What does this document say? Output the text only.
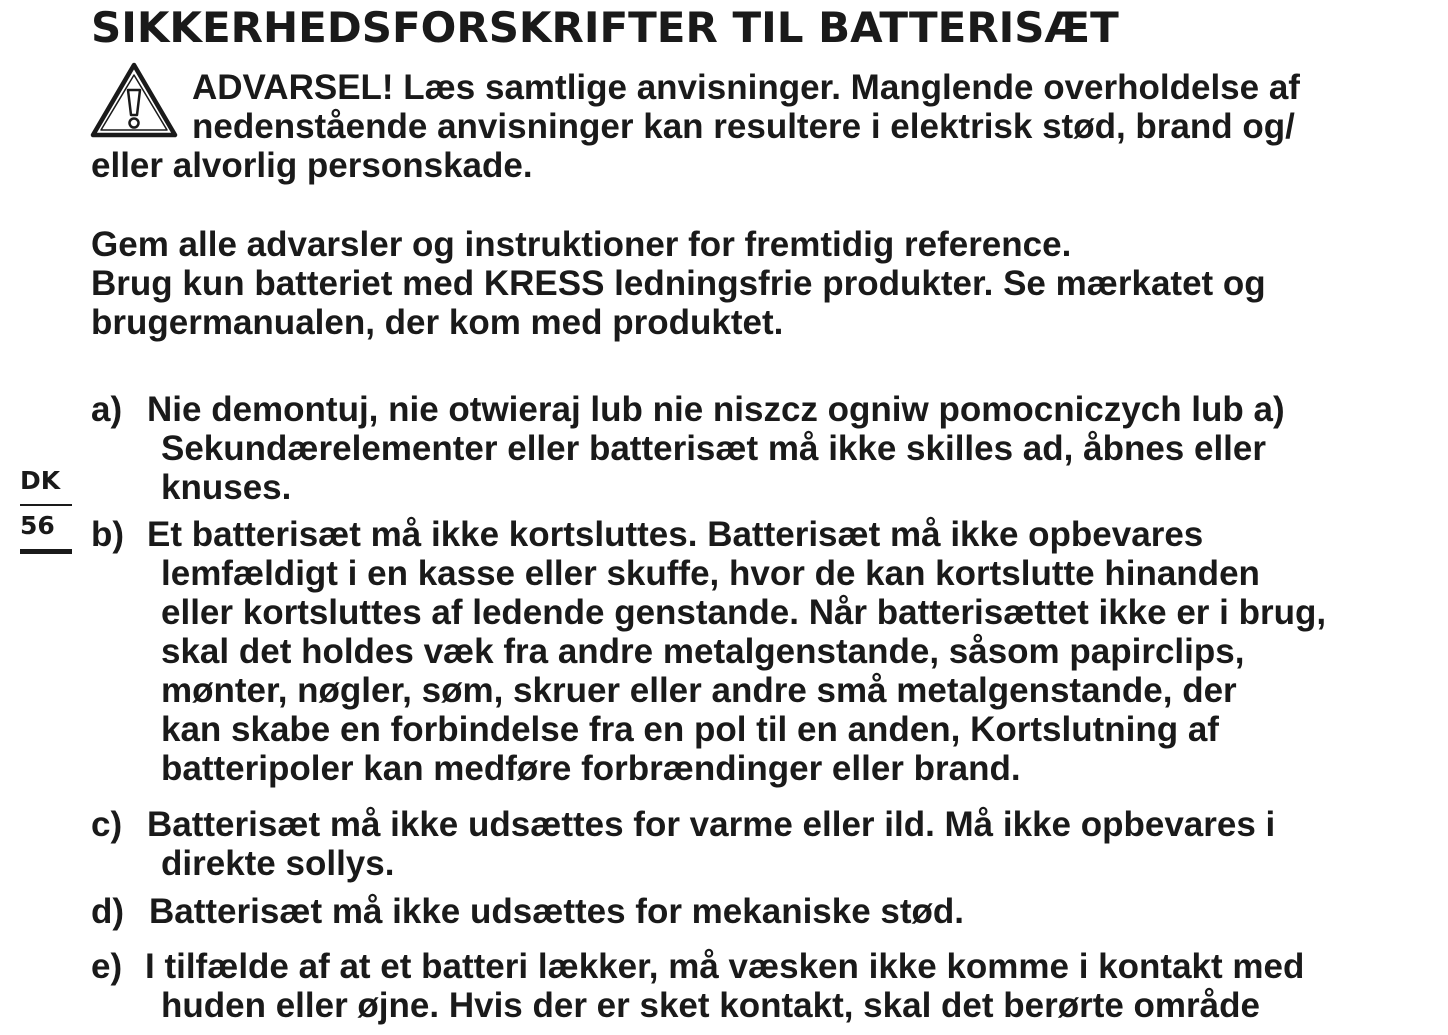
SIKKERHEDSFORSKRIFTER TIL BATTERISÆT
ADVARSEL! Læs samtlige anvisninger. Manglende overholdelse af
nedenstående anvisninger kan resultere i elektrisk stød, brand og/
eller alvorlig personskade.
Gem alle advarsler og instruktioner for fremtidig reference.
Brug kun batteriet med KRESS ledningsfrie produkter. Se mærkatet og
brugermanualen, der kom med produktet.
a) Nie demontuj, nie otwieraj lub nie niszcz ogniw pomocniczych lub a)
Sekundærelementer eller batterisæt må ikke skilles ad, åbnes eller
knuses.
b) Et batterisæt må ikke kortsluttes. Batterisæt må ikke opbevares
lemfældigt i en kasse eller skuffe, hvor de kan kortslutte hinanden
eller kortsluttes af ledende genstande. Når batterisættet ikke er i brug,
skal det holdes væk fra andre metalgenstande, såsom papirclips,
mønter, nøgler, søm, skruer eller andre små metalgenstande, der
kan skabe en forbindelse fra en pol til en anden, Kortslutning af
batteripoler kan medføre forbrændinger eller brand.
c) Batterisæt må ikke udsættes for varme eller ild. Må ikke opbevares i
direkte sollys.
d) Batterisæt må ikke udsættes for mekaniske stød.
e) I tilfælde af at et batteri lækker, må væsken ikke komme i kontakt med
huden eller øjne. Hvis der er sket kontakt, skal det berørte område
DK
56
